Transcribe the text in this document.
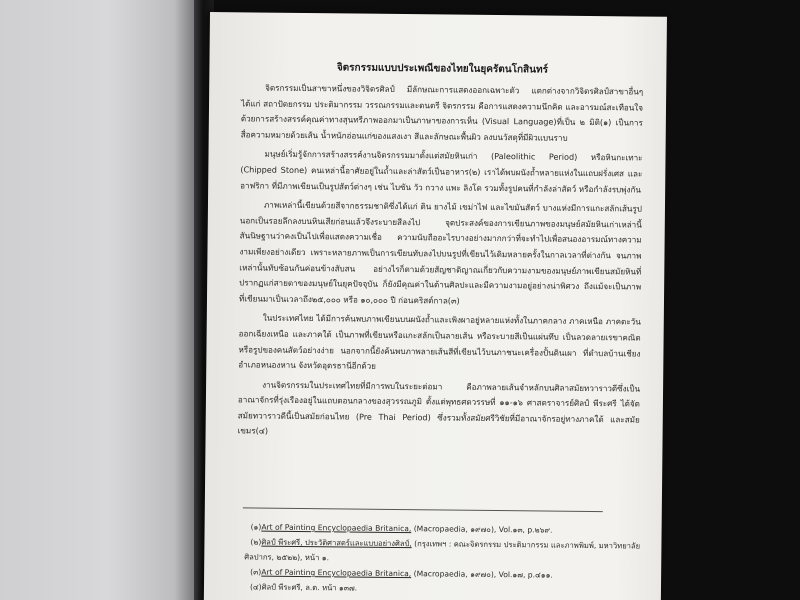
จิตรกรรมแบบประเพณีของไทยในยุครัตนโกสินทร์

จิตรกรรมเป็นสาขาหนึ่งของวิจิตรศิลป์ มีลักษณะการแสดงออกเฉพาะตัว แตกต่างจากวิจิตรศิลป์สาขาอื่นๆได้แก่ สถาปัตยกรรม ประติมากรรม วรรณกรรมและดนตรี จิตรกรรม คือการแสดงความนึกคิด และอารมณ์สะเทือนใจ ด้วยการสร้างสรรค์คุณค่าทางสุนทรีภาพออกมาเป็นภาษาของการเห็น (Visual Language)ที่เป็น ๒ มิติ(๑) เป็นการสื่อความหมายด้วยเส้น น้ำหนักอ่อนแก่ของแสงเงา สีและลักษณะพื้นผิว ลงบนวัสดุที่มีผิวแบนราบ

มนุษย์เริ่มรู้จักการสร้างสรรค์งานจิตรกรรมมาตั้งแต่สมัยหินเก่า (Paleolithic Period) หรือหินกะเทาะ (Chipped Stone) คนเหล่านี้อาศัยอยู่ในถ้ำและล่าสัตว์เป็นอาหาร(๒) เราได้พบผนังถ้ำหลายแห่งในแถบฝรั่งเศส และอาฟริกา ที่มีภาพเขียนเป็นรูปสัตว์ต่างๆ เช่น ไบซัน วัว กวาง แพะ ลิงโต รวมทั้งรูปคนที่กำลังล่าสัตว์ หรือกำลังรบพุ่งกัน

ภาพเหล่านี้เขียนด้วยสีจากธรรมชาติซึ่งได้แก่ ดิน ยางไม้ เขม่าไฟ และไขมันสัตว์ บางแห่งมีการแกะสลักเส้นรูปนอกเป็นรอยลึกลงบนหินเสียก่อนแล้วจึงระบายสีลงไป จุดประสงค์ของการเขียนภาพของมนุษย์สมัยหินเก่าเหล่านี้ สันนิษฐานว่าคงเป็นไปเพื่อแสดงความเชื่อ ความนับถืออะไรบางอย่างมากกว่าที่จะทำไปเพื่อสนองอารมณ์ทางความงามเพียงอย่างเดียว เพราะหลายภาพเป็นการเขียนทับลงไปบนรูปที่เขียนไว้เดิมหลายครั้งในกาลเวลาที่ต่างกัน จนภาพเหล่านั้นทับซ้อนกันค่อนข้างสับสน อย่างไรก็ตามด้วยสัญชาติญาณเกี่ยวกับความงามของมนุษย์ภาพเขียนสมัยหินที่ปรากฏแก่สายตาของมนุษย์ในยุคปัจจุบัน ก็ยังมีคุณค่าในด้านศิลปะและมีความงามอยู่อย่างน่าพิศวง ถึงแม้จะเป็นภาพที่เขียนมาเป็นเวลาถึง๒๕,๐๐๐ หรือ ๑๐,๐๐๐ ปี ก่อนคริสต์กาล(๓)

ในประเทศไทย ได้มีการค้นพบภาพเขียนบนผนังถ้ำและเพิงผาอยู่หลายแห่งทั้งในภาคกลาง ภาคเหนือ ภาคตะวันออกเฉียงเหนือ และภาคใต้ เป็นภาพที่เขียนหรือแกะสลักเป็นลายเส้น หรือระบายสีเป็นแผ่นทึบ เป็นลวดลายเรขาคณิต หรือรูปของคนสัตว์อย่างง่าย นอกจากนี้ยังค้นพบภาพลายเส้นสีที่เขียนไว้บนภาชนะเครื่องปั้นดินเผา ที่ตำบลบ้านเชียง อำเภอหนองหาน จังหวัดอุดรธานีอีกด้วย

งานจิตรกรรมในประเทศไทยที่มีการพบในระยะต่อมา คือภาพลายเส้นจำหลักบนศิลาสมัยทวาราวดีซึ่งเป็นอาณาจักรที่รุ่งเรืองอยู่ในแถบตอนกลางของสุวรรณภูมิ ตั้งแต่พุทธศตวรรษที่ ๑๑-๑๖ ศาสตราจารย์ศิลป์ พีระศรี ได้จัดสมัยทวาราวดีนี้เป็นสมัยก่อนไทย (Pre Thai Period) ซึ่งรวมทั้งสมัยศรีวิชัยที่มีอาณาจักรอยู่ทางภาคใต้ และสมัยเขมร(๔)

(๑)Art of Painting Encyclopaedia Britanica, (Macropaedia, ๑๙๗๐), Vol.๑๓, p.๒๖๙.

(๒)ศิลป์ พีระศรี, ประวัติศาสตร์และแบบอย่างศิลป์, (กรุงเทพฯ : คณะจิตรกรรม ประติมากรรม และภาพพิมพ์, มหาวิทยาลัยศิลปากร, ๒๕๒๒), หน้า ๑.

(๓)Art of Painting Encyclopaedia Britanica, (Macropaedia, ๑๙๗๐), Vol.๑๗, p.๔๑๑.

(๔)ศิลป์ พีระศรี, ล.ด. หน้า ๑๓๗.
